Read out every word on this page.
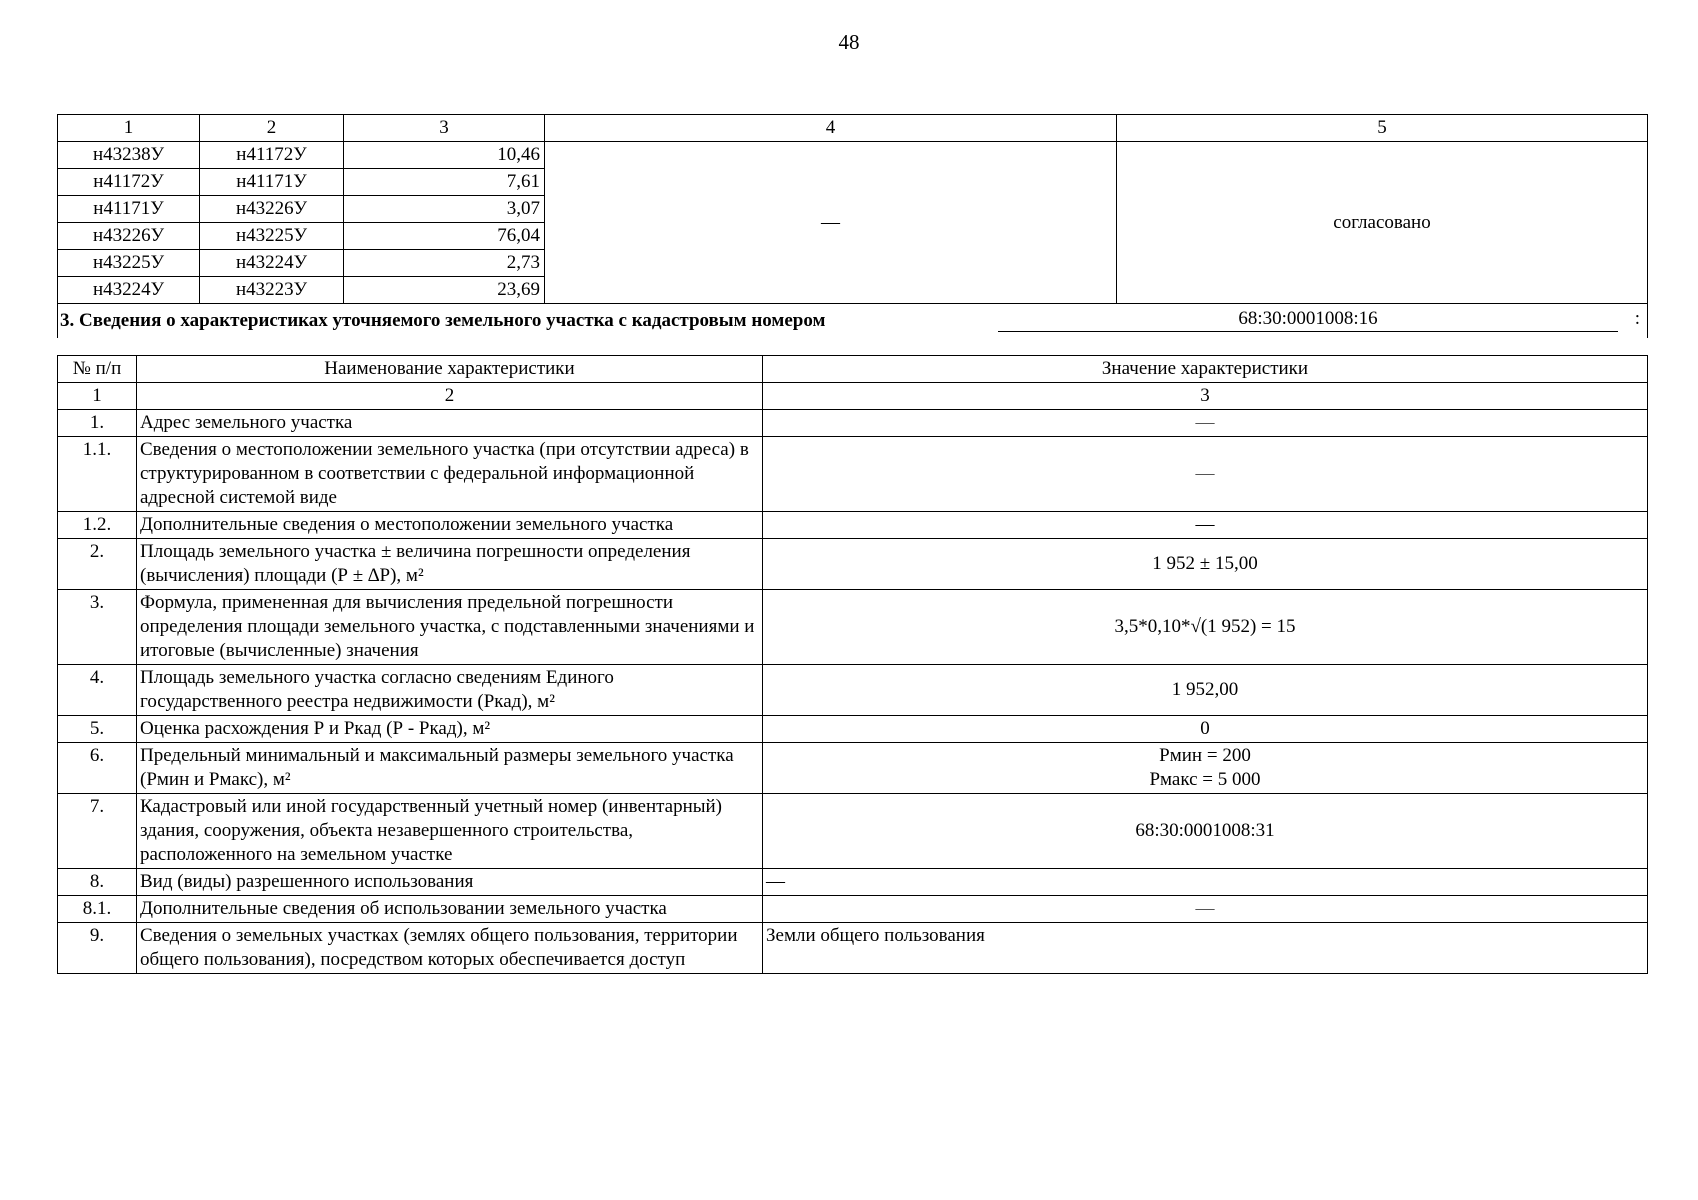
48
1	2	3	4	5
н43238У	н41172У	10,46	—	согласовано
н41172У	н41171У	7,61		
н41171У	н43226У	3,07		
н43226У	н43225У	76,04		
н43225У	н43224У	2,73		
н43224У	н43223У	23,69		
3. Сведения о характеристиках уточняемого земельного участка с кадастровым номером 68:30:0001008:16 :				
№ п/п	Наименование характеристики	Значение характеристики
1	2	3
1.	Адрес земельного участка	—
1.1.	Сведения о местоположении земельного участка (при отсутствии адреса) в структурированном в соответствии с федеральной информационной адресной системой виде	—
1.2.	Дополнительные сведения о местоположении земельного участка	—
2.	Площадь земельного участка ± величина погрешности определения (вычисления) площади (Р ± ∆Р), м²	1 952 ± 15,00
3.	Формула, примененная для вычисления предельной погрешности определения площади земельного участка, с подставленными значениями и итоговые (вычисленные) значения	3,5*0,10*√(1 952) = 15
4.	Площадь земельного участка согласно сведениям Единого государственного реестра недвижимости (Ркад), м²	1 952,00
5.	Оценка расхождения Р и Ркад (Р - Ркад), м²	0
6.	Предельный минимальный и максимальный размеры земельного участка (Рмин и Рмакс), м²	Рмин = 200
Рмакс = 5 000

7.	Кадастровый или иной государственный учетный номер (инвентарный) здания, сооружения, объекта незавершенного строительства, расположенного на земельном участке	68:30:0001008:31
8.	Вид (виды) разрешенного использования	—
8.1.	Дополнительные сведения об использовании земельного участка	—
9.	Сведения о земельных участках (землях общего пользования, территории общего пользования), посредством которых обеспечивается доступ	Земли общего пользования
